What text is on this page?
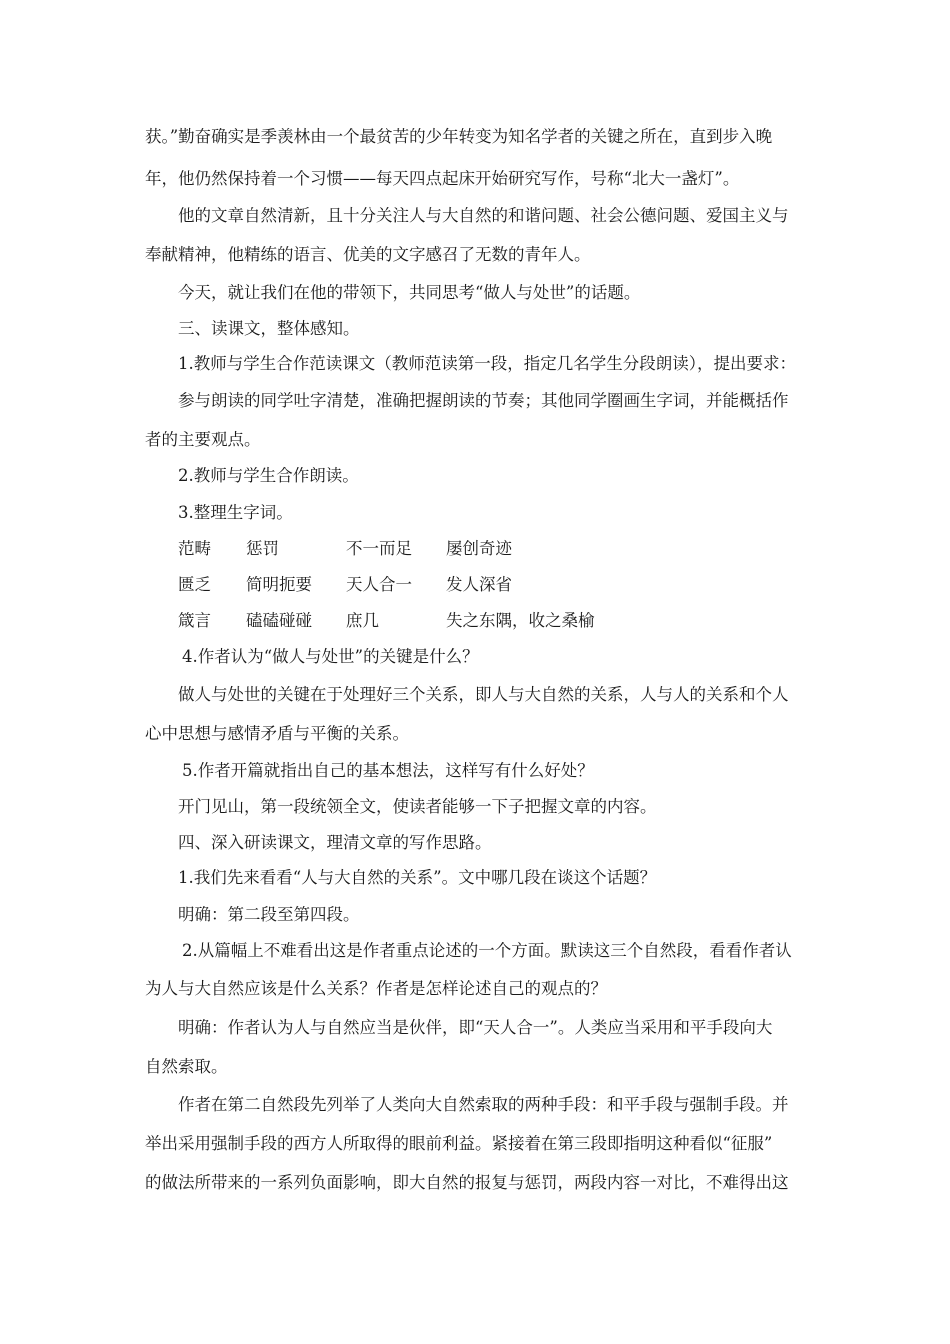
获。”勤奋确实是季羡林由一个最贫苦的少年转变为知名学者的关键之所在，直到步入晚
年，他仍然保持着一个习惯——每天四点起床开始研究写作，号称“北大一盏灯”。
他的文章自然清新，且十分关注人与大自然的和谐问题、社会公德问题、爱国主义与
奉献精神，他精练的语言、优美的文字感召了无数的青年人。
今天，就让我们在他的带领下，共同思考“做人与处世”的话题。
三、读课文，整体感知。
1.教师与学生合作范读课文（教师范读第一段，指定几名学生分段朗读），提出要求：
参与朗读的同学吐字清楚，准确把握朗读的节奏；其他同学圈画生字词，并能概括作
者的主要观点。
2.教师与学生合作朗读。
3.整理生字词。
范畴 惩罚	不一而足 屡创奇迹
匮乏 简明扼要 天人合一 发人深省
箴言 磕磕碰碰 庶几	失之东隅，收之桑榆
4.作者认为“做人与处世”的关键是什么？
做人与处世的关键在于处理好三个关系，即人与大自然的关系，人与人的关系和个人
心中思想与感情矛盾与平衡的关系。
5.作者开篇就指出自己的基本想法，这样写有什么好处？
开门见山，第一段统领全文，使读者能够一下子把握文章的内容。
四、深入研读课文，理清文章的写作思路。
1.我们先来看看“人与大自然的关系”。文中哪几段在谈这个话题？
明确：第二段至第四段。
2.从篇幅上不难看出这是作者重点论述的一个方面。默读这三个自然段，看看作者认
为人与大自然应该是什么关系？作者是怎样论述自己的观点的？
明确：作者认为人与自然应当是伙伴，即“天人合一”。人类应当采用和平手段向大
自然索取。
作者在第二自然段先列举了人类向大自然索取的两种手段：和平手段与强制手段。并
举出采用强制手段的西方人所取得的眼前利益。紧接着在第三段即指明这种看似“征服”
的做法所带来的一系列负面影响，即大自然的报复与惩罚，两段内容一对比，不难得出这
